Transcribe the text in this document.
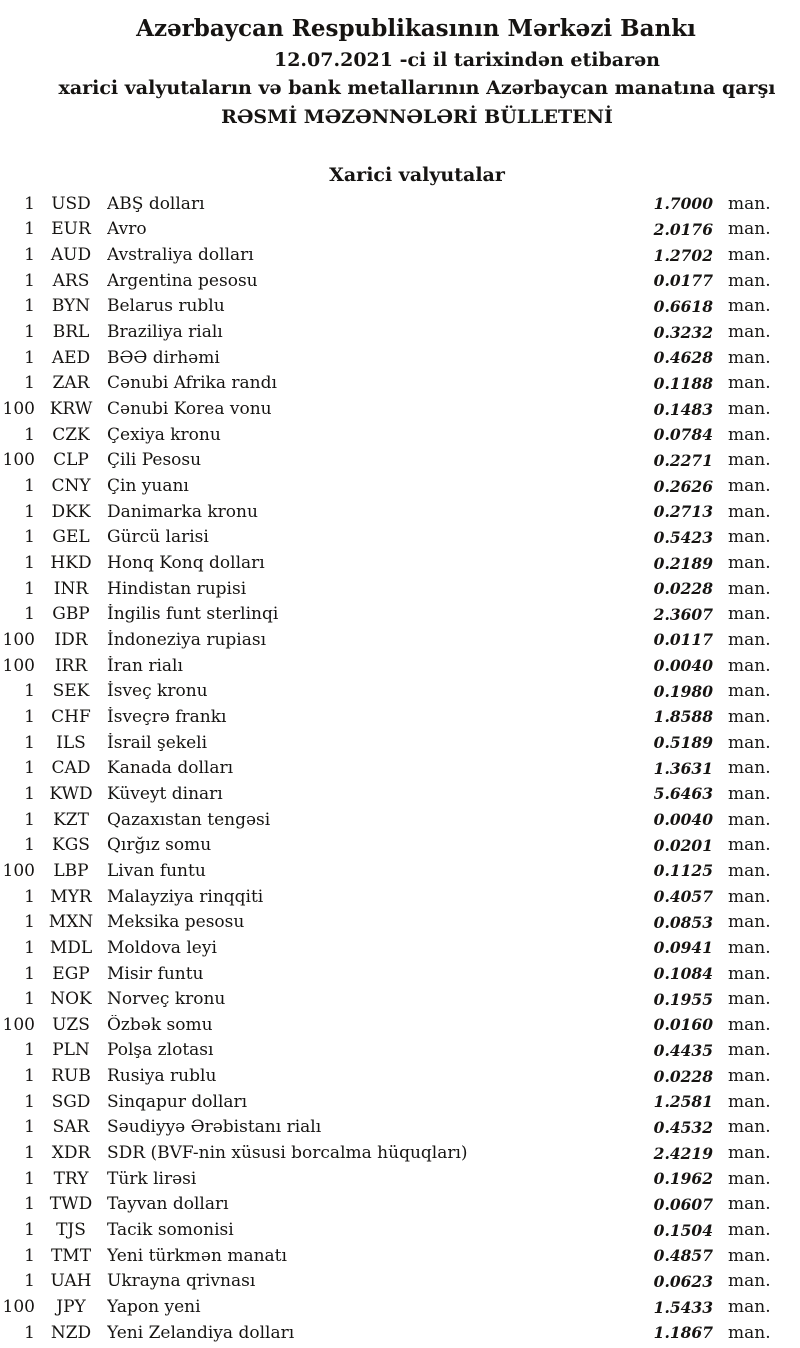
Azərbaycan Respublikasının Mərkəzi Bankı
12.07.2021 -ci il tarixindən etibarən
xarici valyutaların və bank metallarının Azərbaycan manatına qarşı
RƏSMİ MƏZƏNNƏLƏRİ BÜLLETENİ
Xarici valyutalar
1 USD ABŞ dolları	1.7000 man.
1 EUR Avro	2.0176 man.
1 AUD Avstraliya dolları	1.2702 man.
1	ARS	Argentina pesosu	0.0177 man.
1 BYN Belarus rublu	0.6618 man.
1	BRL	Braziliya rialı	0.3232 man.
1 AED BƏƏ dirhəmi	0.4628 man.
1	ZAR	Cənubi Afrika randı	0.1188 man.
100 KRW Cənubi Korea vonu	0.1483 man.
1	CZK	Çexiya kronu	0.0784 man.
100	CLP	Çili Pesosu	0.2271 man.
1 CNY Çin yuanı	0.2626 man.
1 DKK Danimarka kronu	0.2713 man.
1	GEL	Gürcü larisi	0.5423 man.
1 HKD Honq Konq dolları	0.2189 man.
1	INR	Hindistan rupisi	0.0228 man.
1	GBP	İngilis funt sterlinqi	2.3607 man.
100	IDR	İndoneziya rupiası	0.0117 man.
100	IRR	İran rialı	0.0040 man.
1	SEK	İsveç kronu	0.1980 man.
1 CHF İsveçrə frankı	1.8588 man.
1	ILS	İsrail şekeli	0.5189 man.
1 CAD Kanada dolları	1.3631 man.
1 KWD Küveyt dinarı	5.6463 man.
1	KZT	Qazaxıstan tengəsi	0.0040 man.
1	KGS	Qırğız somu	0.0201 man.
100	LBP	Livan funtu	0.1125 man.
1 MYR Malayziya rinqqiti	0.4057 man.
1 MXN Meksika pesosu	0.0853 man.
1 MDL Moldova leyi	0.0941 man.
1	EGP	Misir funtu	0.1084 man.
1 NOK Norveç kronu	0.1955 man.
100	UZS	Özbək somu	0.0160 man.
1	PLN	Polşa zlotası	0.4435 man.
1 RUB Rusiya rublu	0.0228 man.
1 SGD Sinqapur dolları	1.2581 man.
1	SAR	Səudiyyə Ərəbistanı rialı	0.4532 man.
1 XDR SDR (BVF-nin xüsusi borcalma hüquqları)	2.4219 man.
1	TRY	Türk lirəsi	0.1962 man.
1 TWD Tayvan dolları	0.0607 man.
1	TJS	Tacik somonisi	0.1504 man.
1 TMT Yeni türkmən manatı	0.4857 man.
1 UAH Ukrayna qrivnası	0.0623 man.
100	JPY	Yapon yeni	1.5433 man.
1 NZD Yeni Zelandiya dolları	1.1867 man.
